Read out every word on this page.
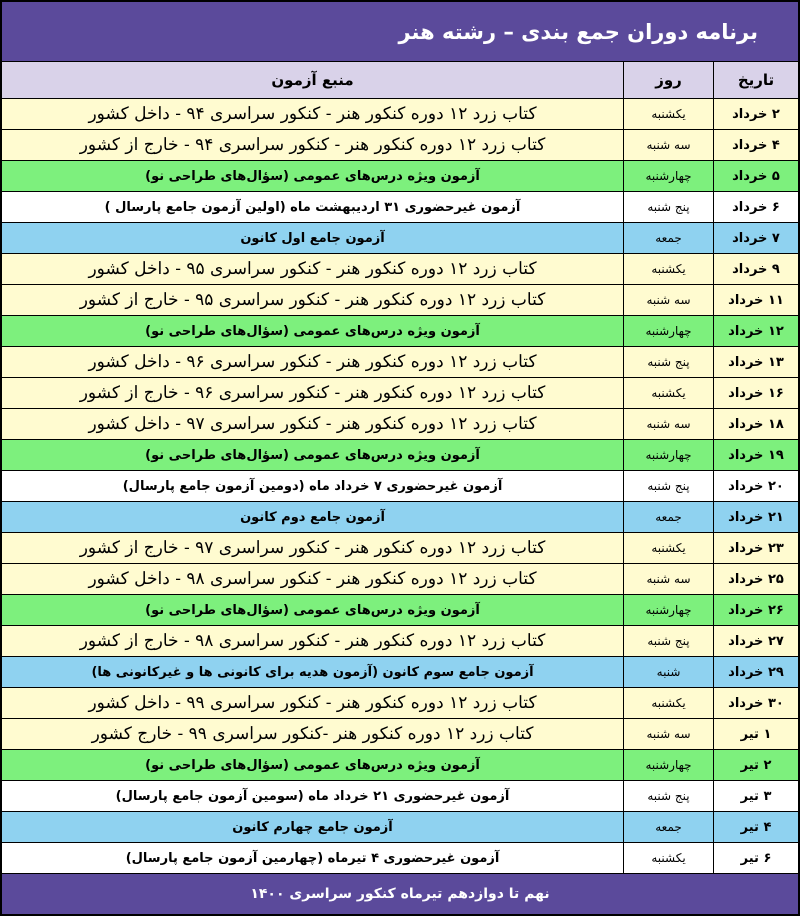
برنامه دوران جمع بندی – رشته هنر
تاریخ
روز
منبع آزمون
۲ خرداد
یکشنبه
کتاب زرد ۱۲ دوره کنکور هنر - کنکور سراسری ۹۴ - داخل کشور
۴ خرداد
سه شنبه
کتاب زرد ۱۲ دوره کنکور هنر - کنکور سراسری ۹۴ - خارج از کشور
۵ خرداد
چهارشنبه
آزمون ویژه درس‌های عمومی (سؤال‌های طراحی نو)
۶ خرداد
پنج شنبه
آزمون غیرحضوری ۳۱ اردیبهشت ماه (اولین آزمون جامع پارسال )
۷ خرداد
جمعه
آزمون جامع اول کانون
۹ خرداد
یکشنبه
کتاب زرد ۱۲ دوره کنکور هنر - کنکور سراسری ۹۵ - داخل کشور
۱۱ خرداد
سه شنبه
کتاب زرد ۱۲ دوره کنکور هنر - کنکور سراسری ۹۵ - خارج از کشور
۱۲ خرداد
چهارشنبه
آزمون ویژه درس‌های عمومی (سؤال‌های طراحی نو)
۱۳ خرداد
پنج شنبه
کتاب زرد ۱۲ دوره کنکور هنر - کنکور سراسری ۹۶ - داخل کشور
۱۶ خرداد
یکشنبه
کتاب زرد ۱۲ دوره کنکور هنر - کنکور سراسری ۹۶ - خارج از کشور
۱۸ خرداد
سه شنبه
کتاب زرد ۱۲ دوره کنکور هنر - کنکور سراسری ۹۷ - داخل کشور
۱۹ خرداد
چهارشنبه
آزمون ویژه درس‌های عمومی (سؤال‌های طراحی نو)
۲۰ خرداد
پنج شنبه
آزمون غیرحضوری ۷ خرداد ماه (دومین آزمون جامع پارسال)
۲۱ خرداد
جمعه
آزمون جامع دوم کانون
۲۳ خرداد
یکشنبه
کتاب زرد ۱۲ دوره کنکور هنر - کنکور سراسری ۹۷ - خارج از کشور
۲۵ خرداد
سه شنبه
کتاب زرد ۱۲ دوره کنکور هنر - کنکور سراسری ۹۸ - داخل کشور
۲۶ خرداد
چهارشنبه
آزمون ویژه درس‌های عمومی (سؤال‌های طراحی نو)
۲۷ خرداد
پنج شنبه
کتاب زرد ۱۲ دوره کنکور هنر - کنکور سراسری ۹۸ - خارج از کشور
۲۹ خرداد
شنبه
آزمون جامع سوم کانون (آزمون هدیه برای کانونی ها و غیرکانونی ها)
۳۰ خرداد
یکشنبه
کتاب زرد ۱۲ دوره کنکور هنر - کنکور سراسری ۹۹ - داخل کشور
۱ تیر
سه شنبه
کتاب زرد ۱۲ دوره کنکور هنر -کنکور سراسری ۹۹ - خارج کشور
۲ تیر
چهارشنبه
آزمون ویژه درس‌های عمومی (سؤال‌های طراحی نو)
۳ تیر
پنج شنبه
آزمون غیرحضوری ۲۱ خرداد ماه (سومین آزمون جامع پارسال)
۴ تیر
جمعه
آزمون جامع چهارم کانون
۶ تیر
یکشنبه
آزمون غیرحضوری ۴ تیرماه (چهارمین آزمون جامع پارسال)
نهم تا دوازدهم تیرماه کنکور سراسری ۱۴۰۰
